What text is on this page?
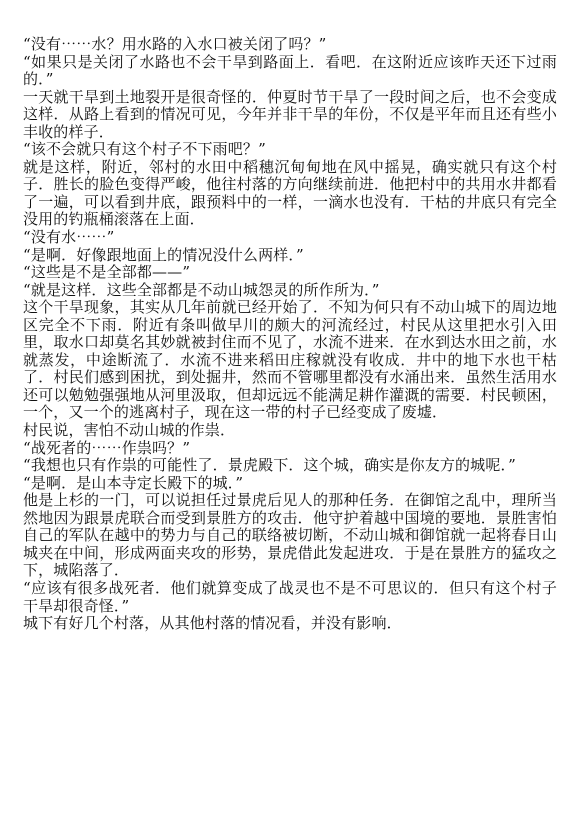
“没有⋯⋯水？用水路的入水口被关闭了吗？”

“如果只是关闭了水路也不会干旱到路面上．看吧．在这附近应该昨天还下过雨的．”

一天就干旱到土地裂开是很奇怪的．仲夏时节干旱了一段时间之后，也不会变成这样．从路上看到的情况可见，今年并非干旱的年份，不仅是平年而且还有些小丰收的样子．

“该不会就只有这个村子不下雨吧？”

就是这样，附近，邻村的水田中稻穗沉甸甸地在风中摇晃，确实就只有这个村子．胜长的脸色变得严峻，他往村落的方向继续前进．他把村中的共用水井都看了一遍，可以看到井底，跟预料中的一样，一滴水也没有．干枯的井底只有完全没用的钓瓶桶滚落在上面．

“没有水⋯⋯”

“是啊．好像跟地面上的情况没什么两样．”

“这些是不是全部都——”

“就是这样．这些全部都是不动山城怨灵的所作所为．”

这个干旱现象，其实从几年前就已经开始了．不知为何只有不动山城下的周边地区完全不下雨．附近有条叫做早川的颇大的河流经过，村民从这里把水引入田里，取水口却莫名其妙就被封住而不见了，水流不进来．在水到达水田之前，水就蒸发，中途断流了．水流不进来稻田庄稼就没有收成．井中的地下水也干枯了．村民们感到困扰，到处掘井，然而不管哪里都没有水涌出来．虽然生活用水还可以勉勉强强地从河里汲取，但却远远不能满足耕作灌溉的需要．村民顿困，一个，又一个的逃离村子，现在这一带的村子已经变成了废墟．

村民说，害怕不动山城的作祟．

“战死者的⋯⋯作祟吗？”

“我想也只有作祟的可能性了．景虎殿下．这个城，确实是你友方的城呢．”

“是啊．是山本寺定长殿下的城．”

他是上杉的一门，可以说担任过景虎后见人的那种任务．在御馆之乱中，理所当然地因为跟景虎联合而受到景胜方的攻击．他守护着越中国境的要地．景胜害怕自己的军队在越中的势力与自己的联络被切断，不动山城和御馆就一起将春日山城夹在中间，形成两面夹攻的形势，景虎借此发起进攻．于是在景胜方的猛攻之下，城陷落了．

“应该有很多战死者．他们就算变成了战灵也不是不可思议的．但只有这个村子干旱却很奇怪．”

城下有好几个村落，从其他村落的情况看，并没有影响．
